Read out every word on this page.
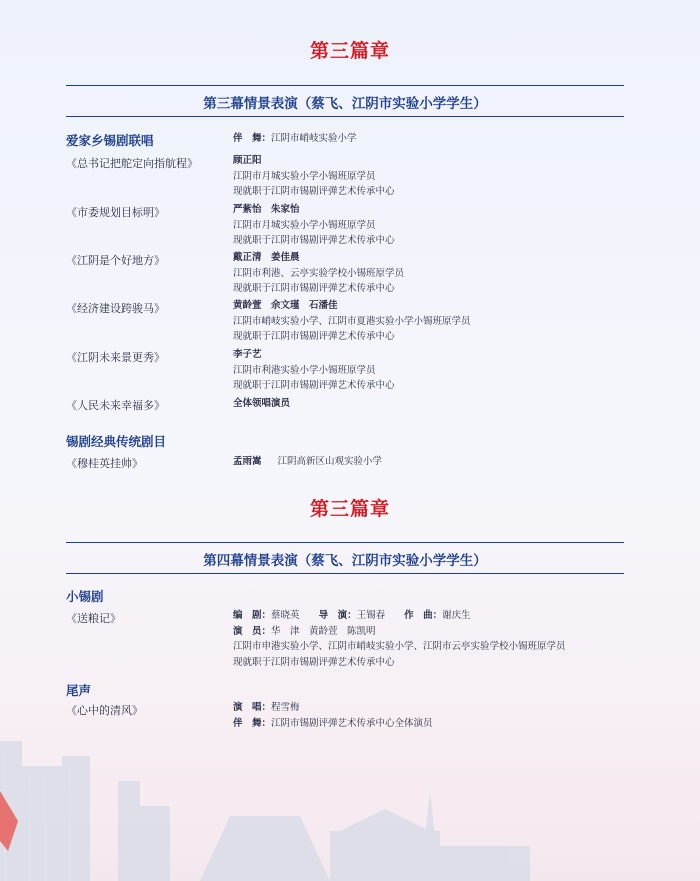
第三篇章
第三幕情景表演（蔡飞、江阴市实验小学学生）
爱家乡锡剧联唱	伴　舞：江阴市峭岐实验小学
《总书记把舵定向指航程》	顾正阳
江阴市月城实验小学小锡班原学员
现就职于江阴市锡剧评弹艺术传承中心
《市委规划目标明》	严紫怡　朱家怡
江阴市月城实验小学小锡班原学员
现就职于江阴市锡剧评弹艺术传承中心
《江阴是个好地方》	戴正清　姜佳晨
江阴市利港、云亭实验学校小锡班原学员
现就职于江阴市锡剧评弹艺术传承中心
《经济建设跨骏马》	黄龄萱　余文瑾　石潘佳
江阴市峭岐实验小学、江阴市夏港实验小学小锡班原学员
现就职于江阴市锡剧评弹艺术传承中心
《江阴未来景更秀》	李子艺
江阴市利港实验小学小锡班原学员
现就职于江阴市锡剧评弹艺术传承中心
《人民未来幸福多》	全体领唱演员
锡剧经典传统剧目
《穆桂英挂帅》	孟雨嵩 江阴高新区山观实验小学
第三篇章
第四幕情景表演（蔡飞、江阴市实验小学学生）
小锡剧
《送粮记》	编　剧：蔡晓英 导　演：王锡春 作　曲：谢庆生
演　员：华　津　黄龄萱　陈凯明
江阴市申港实验小学、江阴市峭岐实验小学、江阴市云亭实验学校小锡班原学员
现就职于江阴市锡剧评弹艺术传承中心
尾声
《心中的清风》	演　唱：程雪梅
伴　舞：江阴市锡剧评弹艺术传承中心全体演员
